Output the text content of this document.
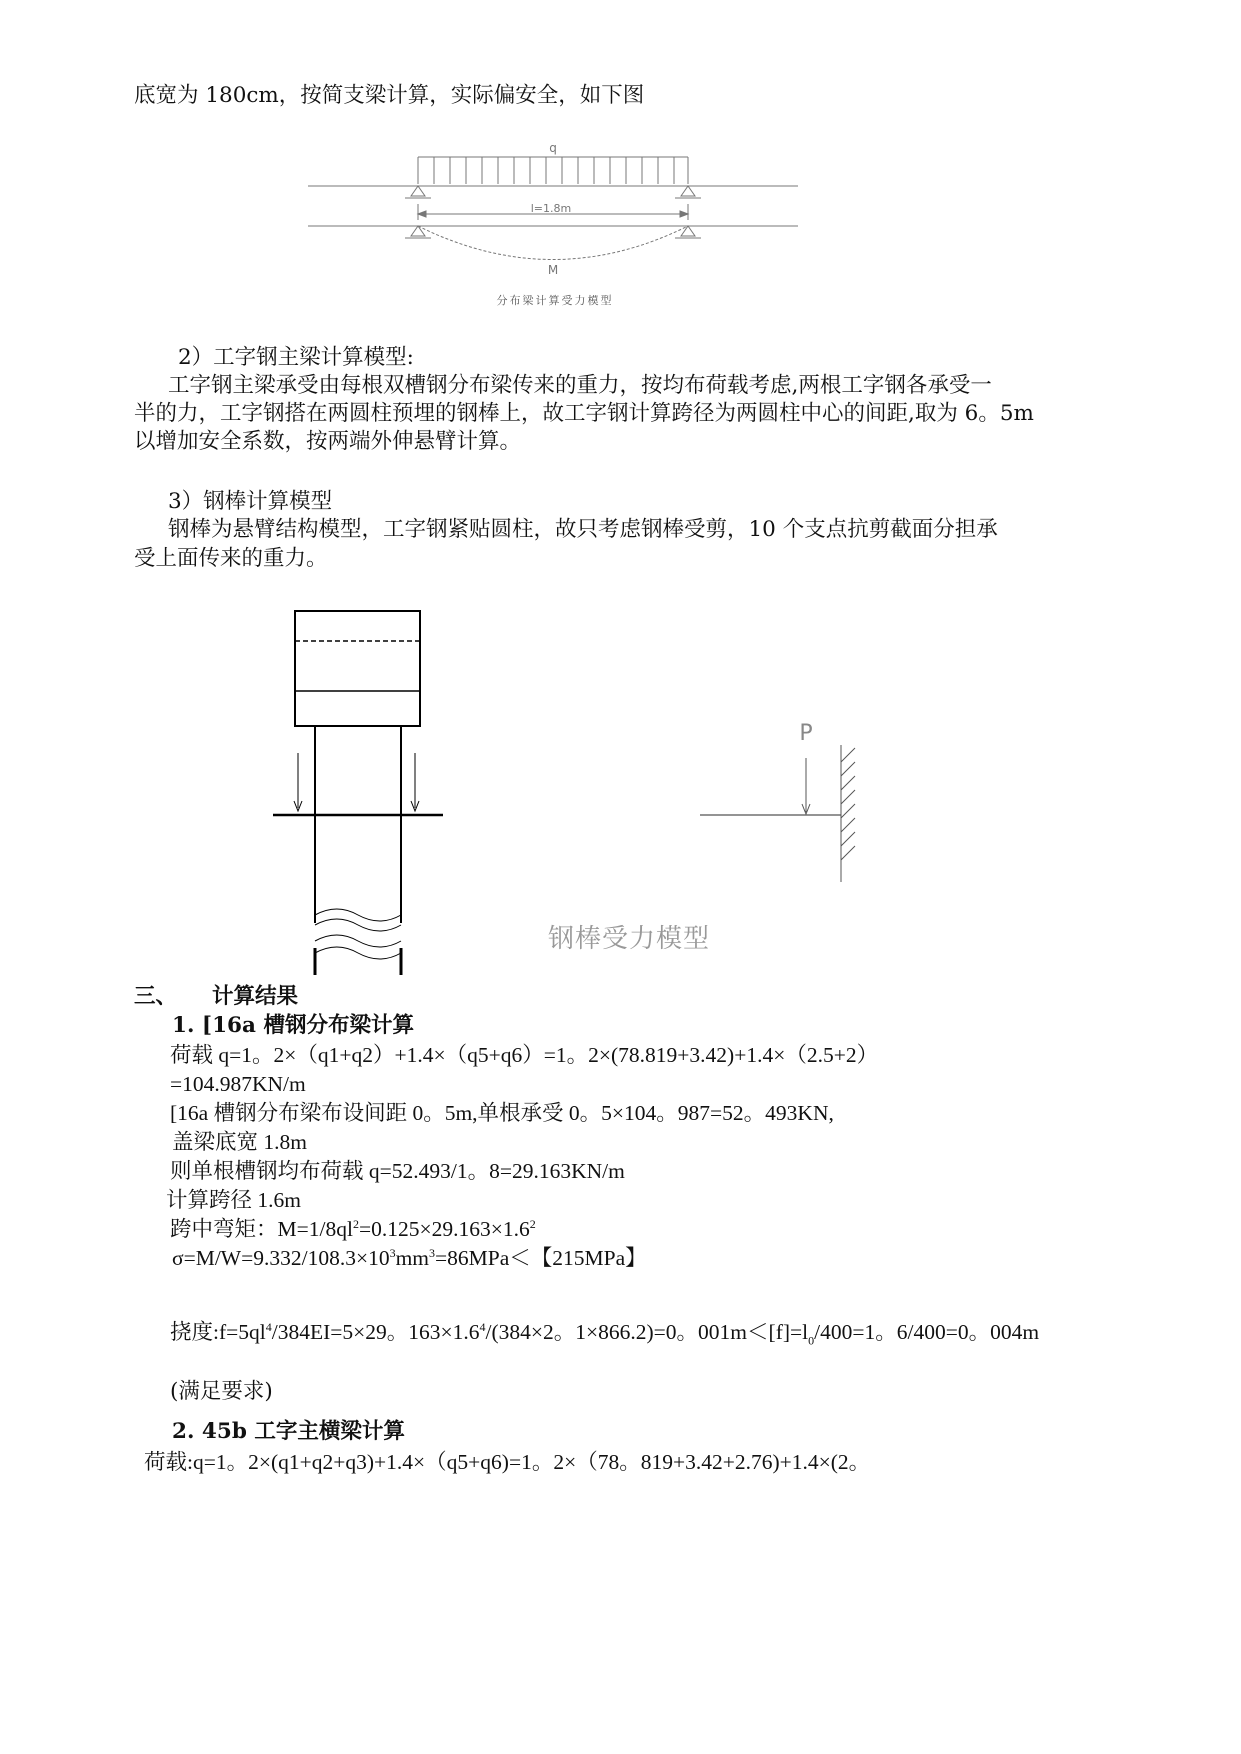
底宽为 180cm，按简支梁计算，实际偏安全，如下图
q
l=1.8m
M
分布梁计算受力模型
2）工字钢主梁计算模型:
工字钢主梁承受由每根双槽钢分布梁传来的重力，按均布荷载考虑,两根工字钢各承受一
半的力，工字钢搭在两圆柱预埋的钢棒上，故工字钢计算跨径为两圆柱中心的间距,取为 6。5m
以增加安全系数，按两端外伸悬臂计算。
3）钢棒计算模型
钢棒为悬臂结构模型，工字钢紧贴圆柱，故只考虑钢棒受剪，10 个支点抗剪截面分担承
受上面传来的重力。
P
钢棒受力模型
三、 计算结果
1. [16a 槽钢分布梁计算
荷载 q=1。2×（q1+q2）+1.4×（q5+q6）=1。2×(78.819+3.42)+1.4×（2.5+2）
=104.987KN/m
[16a 槽钢分布梁布设间距 0。5m,单根承受 0。5×104。987=52。493KN,
盖梁底宽 1.8m
则单根槽钢均布荷载 q=52.493/1。8=29.163KN/m
计算跨径 1.6m
跨中弯矩：$M=1/8ql^2=0.125\times 29.163\times 1.6^2$
$\sigma=M/W=9.332/108.3\times 10^3mm^3=86MPa<$【215MPa】
挠度$:f=5ql^4/384EI=5\times 29$。$163\times 1.6^4/(384\times 2$。1×866.2)=0。$001m<[f]=l_0/400=1$。6/400=0。004m
(满足要求)
2. 45b 工字主横梁计算
荷载:q=1。2×(q1+q2+q3)+1.4×（q5+q6)=1。2×（78。819+3.42+2.76)+1.4×(2。
